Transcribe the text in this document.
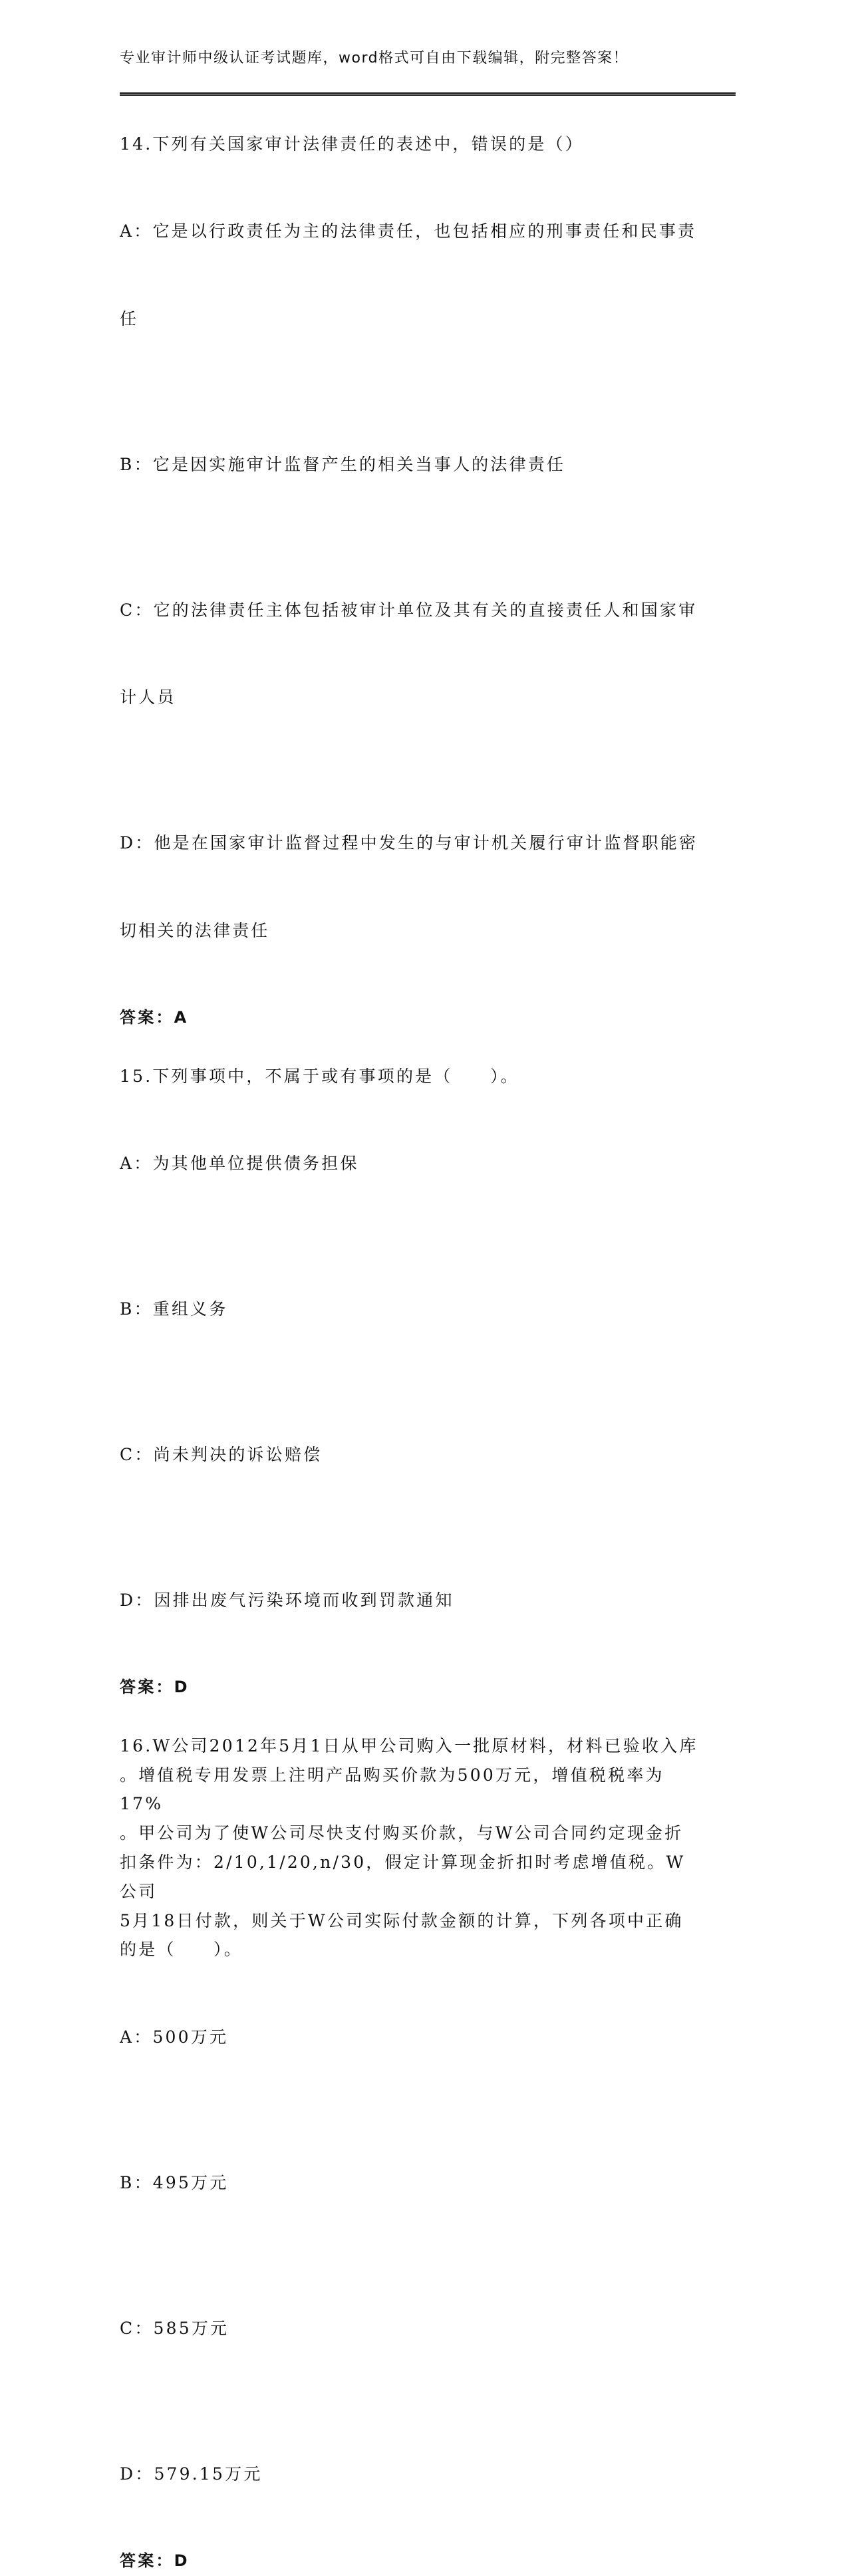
专业审计师中级认证考试题库，word格式可自由下载编辑，附完整答案！
14.下列有关国家审计法律责任的表述中，错误的是（）

A：它是以行政责任为主的法律责任，也包括相应的刑事责任和民事责

任

B：它是因实施审计监督产生的相关当事人的法律责任

C：它的法律责任主体包括被审计单位及其有关的直接责任人和国家审

计人员

D：他是在国家审计监督过程中发生的与审计机关履行审计监督职能密

切相关的法律责任

答案：A
15.下列事项中，不属于或有事项的是（　　）。

A：为其他单位提供债务担保

B：重组义务

C：尚未判决的诉讼赔偿

D：因排出废气污染环境而收到罚款通知

答案：D
16.W公司2012年5月1日从甲公司购入一批原材料，材料已验收入库
。增值税专用发票上注明产品购买价款为500万元，增值税税率为17%
。甲公司为了使W公司尽快支付购买价款，与W公司合同约定现金折
扣条件为：2/10,1/20,n/30，假定计算现金折扣时考虑增值税。W公司
5月18日付款，则关于W公司实际付款金额的计算，下列各项中正确
的是（　　）。

A：500万元

B：495万元

C：585万元

D：579.15万元

答案：D
